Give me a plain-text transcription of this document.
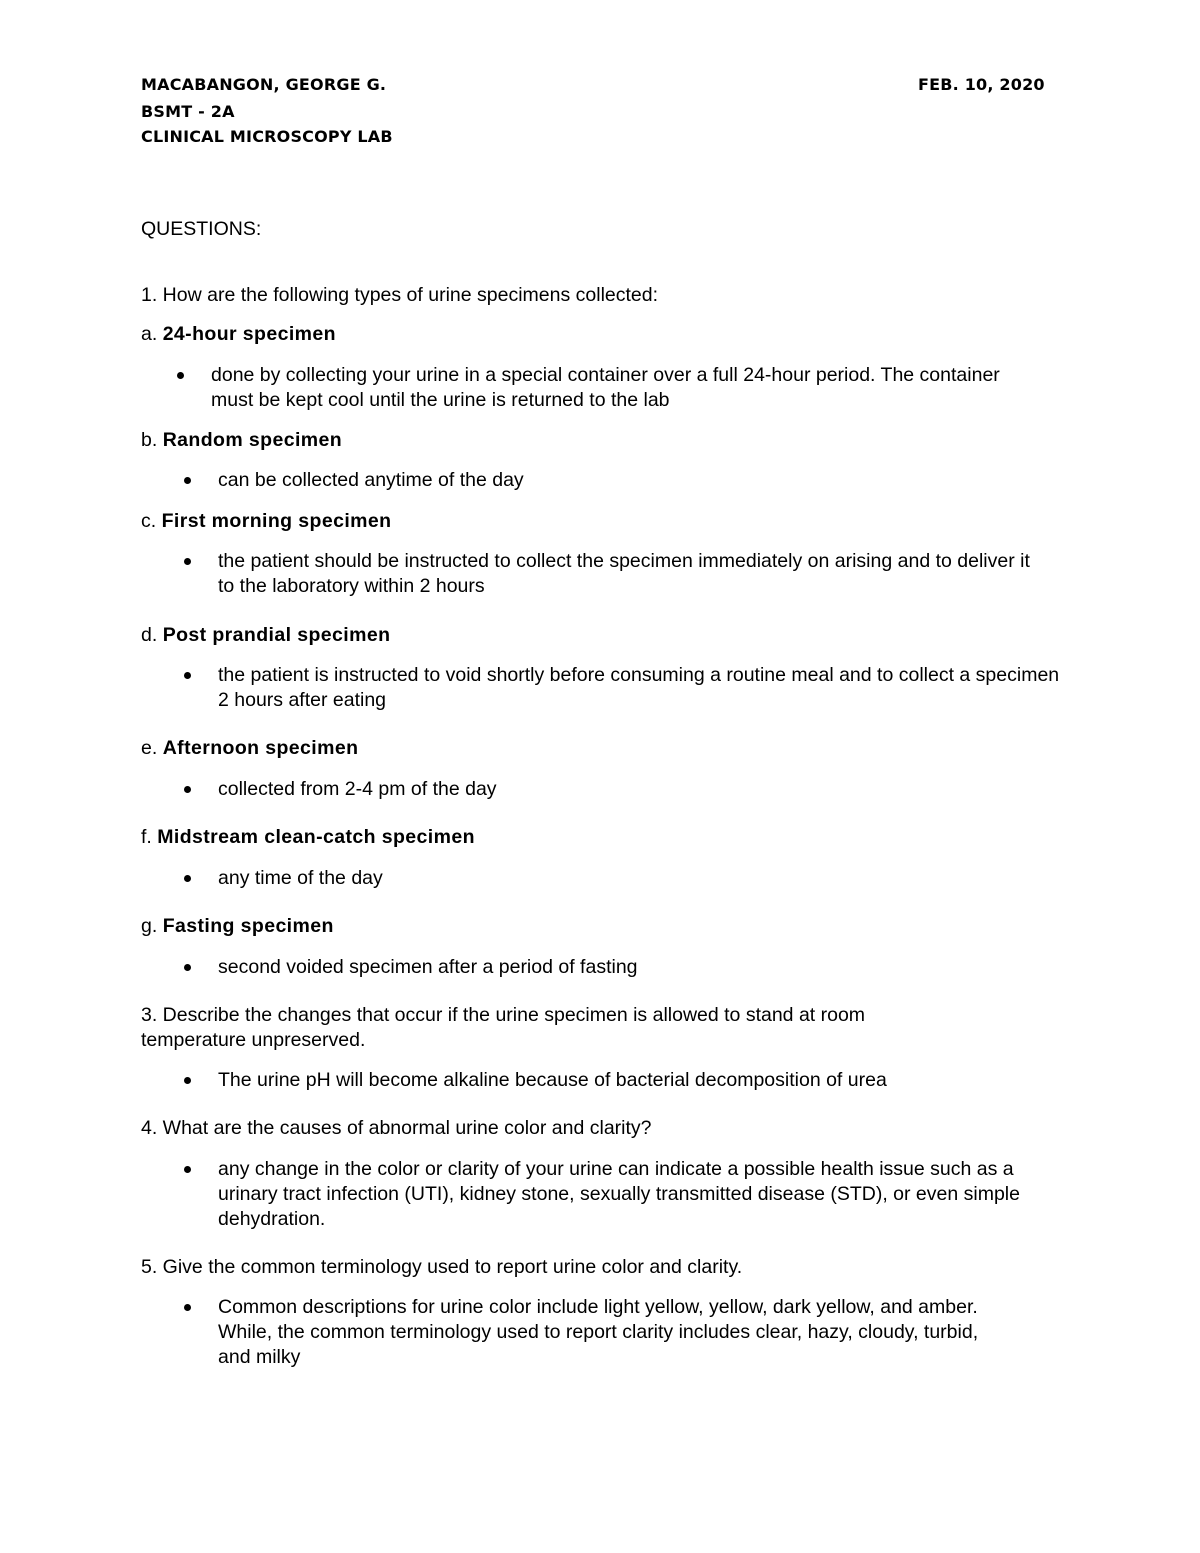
MACABANGON, GEORGE G.	FEB. 10, 2020
BSMT - 2A
CLINICAL MICROSCOPY LAB
QUESTIONS:
1. How are the following types of urine specimens collected:
a. 24-hour specimen
done by collecting your urine in a special container over a full 24-hour period. The container must be kept cool until the urine is returned to the lab
b. Random specimen
can be collected anytime of the day
c. First morning specimen
the patient should be instructed to collect the specimen immediately on arising and to deliver it to the laboratory within 2 hours
d. Post prandial specimen
the patient is instructed to void shortly before consuming a routine meal and to collect a specimen 2 hours after eating
e. Afternoon specimen
collected from 2-4 pm of the day
f. Midstream clean-catch specimen
any time of the day
g. Fasting specimen
second voided specimen after a period of fasting
3. Describe the changes that occur if the urine specimen is allowed to stand at room temperature unpreserved.
The urine pH will become alkaline because of bacterial decomposition of urea
4. What are the causes of abnormal urine color and clarity?
any change in the color or clarity of your urine can indicate a possible health issue such as a urinary tract infection (UTI), kidney stone, sexually transmitted disease (STD), or even simple dehydration.
5. Give the common terminology used to report urine color and clarity.
Common descriptions for urine color include light yellow, yellow, dark yellow, and amber. While, the common terminology used to report clarity includes clear, hazy, cloudy, turbid, and milky
